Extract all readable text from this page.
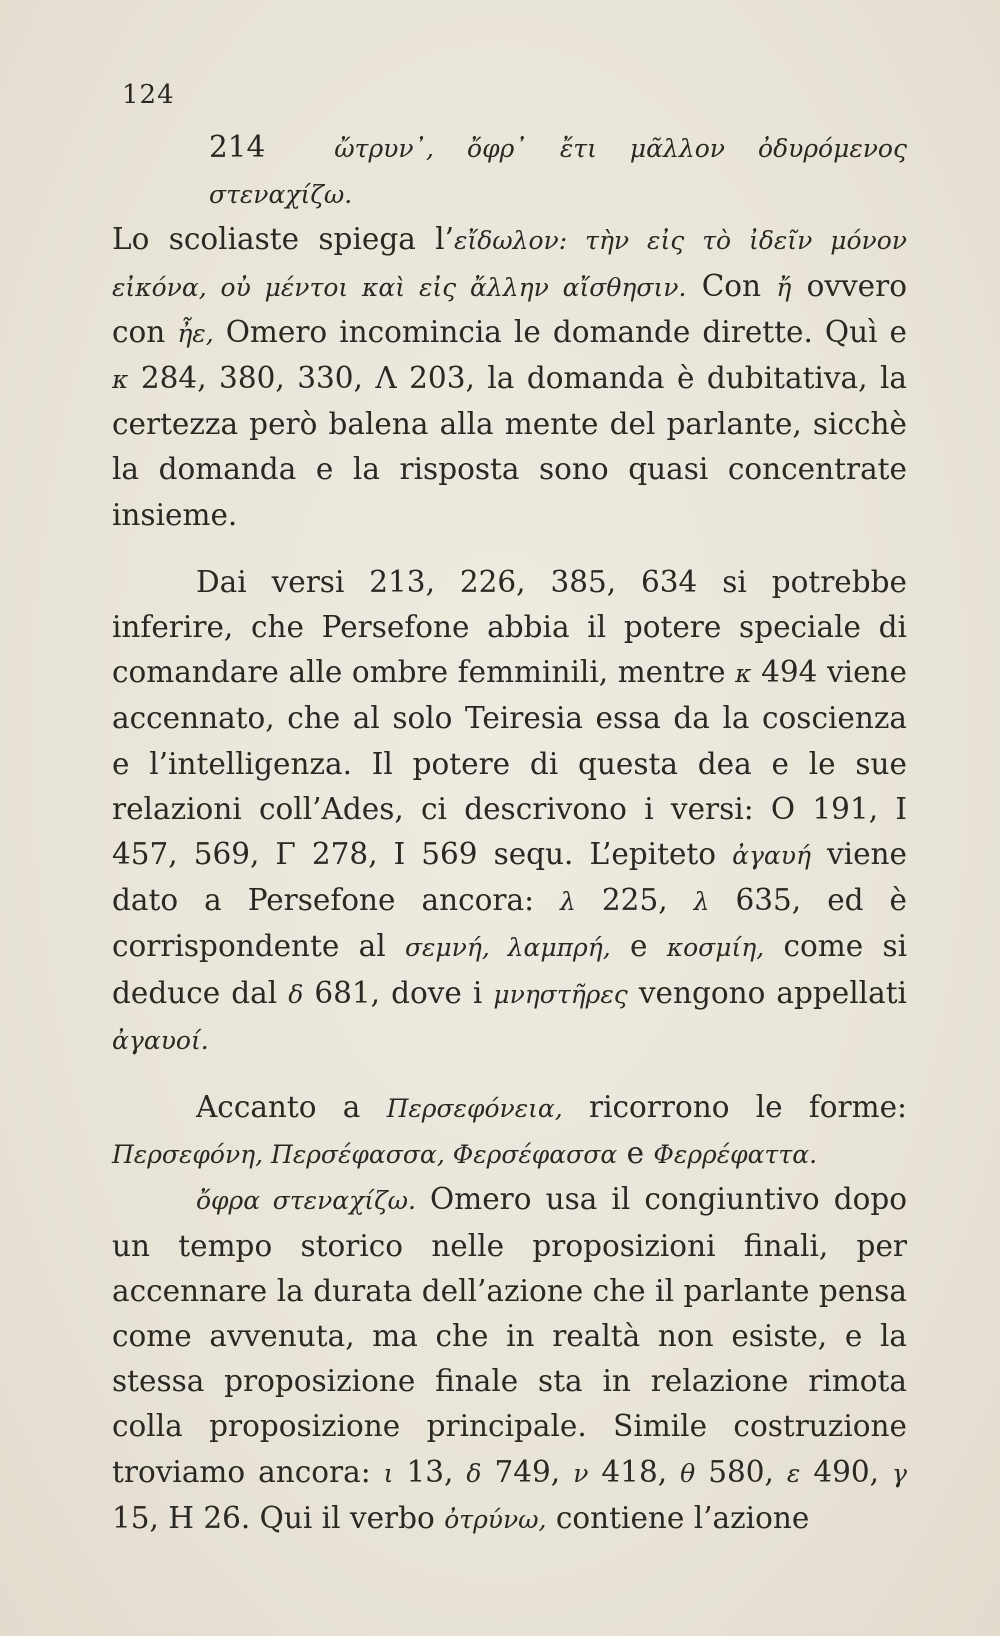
124

214	ὤτρυν᾽, ὄφρ᾽ ἔτι μᾶλλον ὀδυρόμενος στεναχίζω.

Lo scoliaste spiega l’εἴδωλον: τὴν εἰς τὸ ἰδεῖν μόνον εἰκόνα, οὐ μέντοι καὶ εἰς ἄλλην αἴσθησιν. Con ἤ ovvero con ἦε, Omero incomincia le domande dirette. Quì e κ 284, 380, 330, Λ 203, la domanda è dubitativa, la certezza però balena alla mente del parlante, sicchè la domanda e la risposta sono quasi concentrate insieme.

Dai versi 213, 226, 385, 634 si potrebbe inferire, che Persefone abbia il potere speciale di comandare alle ombre femminili, mentre κ 494 viene accennato, che al solo Teiresia essa da la coscienza e l’intelligenza. Il potere di questa dea e le sue relazioni coll’Ades, ci descrivono i versi: O 191, I 457, 569, Γ 278, I 569 sequ. L’epiteto ἀγαυή viene dato a Persefone ancora: λ 225, λ 635, ed è corrispondente al σεμνή, λαμπρή, e κοσμίη, come si deduce dal δ 681, dove i μνηστῆρες vengono appellati ἀγαυοί.

Accanto a Περσεφόνεια, ricorrono le forme: Περσεφόνη, Περσέφασσα, Φερσέφασσα e Φερρέφαττα.

ὄφρα στεναχίζω. Omero usa il congiuntivo dopo un tempo storico nelle proposizioni finali, per accennare la durata dell’azione che il parlante pensa come avvenuta, ma che in realtà non esiste, e la stessa proposizione finale sta in relazione rimota colla proposizione principale. Simile costruzione troviamo ancora: ι 13, δ 749, ν 418, θ 580, ε 490, γ 15, H 26. Qui il verbo ὀτρύνω, contiene l’azione
